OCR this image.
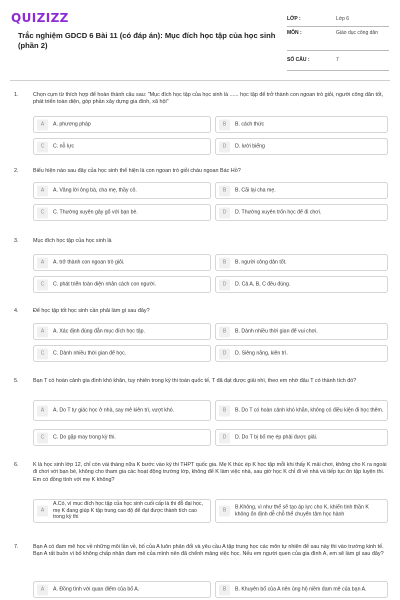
QUIZIZZ
Trắc nghiệm GDCD 6 Bài 11 (có đáp án): Mục đích học tập của học sinh (phần 2)
LỚP :	Lớp 6
MÔN :	Giáo dục công dân
SỐ CÂU :	7
1.	Chọn cụm từ thích hợp để hoàn thành câu sau: "Mục đích học tập của học sinh là ...... học tập để trở thành con ngoan trò giỏi, người công dân tốt, phát triển toàn diện, góp phần xây dựng gia đình, xã hội"
A	A. phương pháp	B	B. cách thức
C	C. nỗ lực	D	D. lười biếng
2.	Biểu hiện nào sau đây của học sinh thể hiện là con ngoan trò giỏi cháu ngoan Bác Hồ?
A	A. Vâng lời ông bà, cha mẹ, thầy cô.	B	B. Cãi lại cha mẹ.
C	C. Thường xuyên gây gổ với bạn bè.	D	D. Thường xuyên trốn học để đi chơi.
3.	Mục đích học tập của học sinh là
A	A. trở thành con ngoan trò giỏi.	B	B. người công dân tốt.
C	C. phát triển toàn diện nhân cách con người.	D	D. Cả A, B, C đều đúng.
4.	Để học tập tốt học sinh cần phải làm gì sau đây?
A	A. Xác định đúng đắn mục đích học tập.	B	B. Dành nhiều thời gian để vui chơi.
C	C. Dành nhiều thời gian để học.	D	D. Siêng năng, kiên trì.
5.	Bạn T có hoàn cảnh gia đình khó khăn, tuy nhiên trong kỳ thi toán quốc tế, T đã đạt được giải nhì, theo em nhờ đâu T có thành tích đó?
A	A. Do T tự giác học ở nhà, say mê kiên trì, vượt khó.	B	B. Do T có hoàn cảnh khó khăn, không có điều kiện đi học thêm.
C	C. Do gặp may trong kỳ thi.	D	D. Do T bị bố mẹ ép phải được giải.
6.	K là học sinh lớp 12, chỉ còn vài tháng nữa K bước vào kỳ thi THPT quốc gia. Mẹ K thúc ép K học tập mỗi khi thấy K mải chơi, không cho K ra ngoài đi chơi với bạn bè, không cho tham gia các hoạt động trường lớp, không để K làm việc nhà, sau giờ học K chỉ đi về nhà và tiếp tục ôn tập luyện thi. Em có đồng tình với mẹ K không?
A
A.Có, vì mục đích học tập của học sinh cuối cấp là thi đỗ đại học, mẹ K đang giúp K tập trung cao độ để đạt được thành tích cao trong kỳ thi
B
B.Không, vì như thế sẽ tạo áp lực cho K, khiến tinh thần K không ổn định dễ chỗ thể chuyển tâm học hành
7.	Bạn A có đam mê học về những môi lần về, bố của A luôn phản đối và yêu cầu A tập trung học các môn tự nhiên để sau này thi vào trường kinh tế. Bạn A rất buồn vì bố không chấp nhận đam mê của mình nên đã chểnh mảng việc học. Nếu em người quen của gia đình A, em sẽ làm gì sau đây?
A	A. Đồng tình với quan điểm của bố A.	B	B. Khuyên bố của A nên ủng hộ niềm đam mê của bạn A.
